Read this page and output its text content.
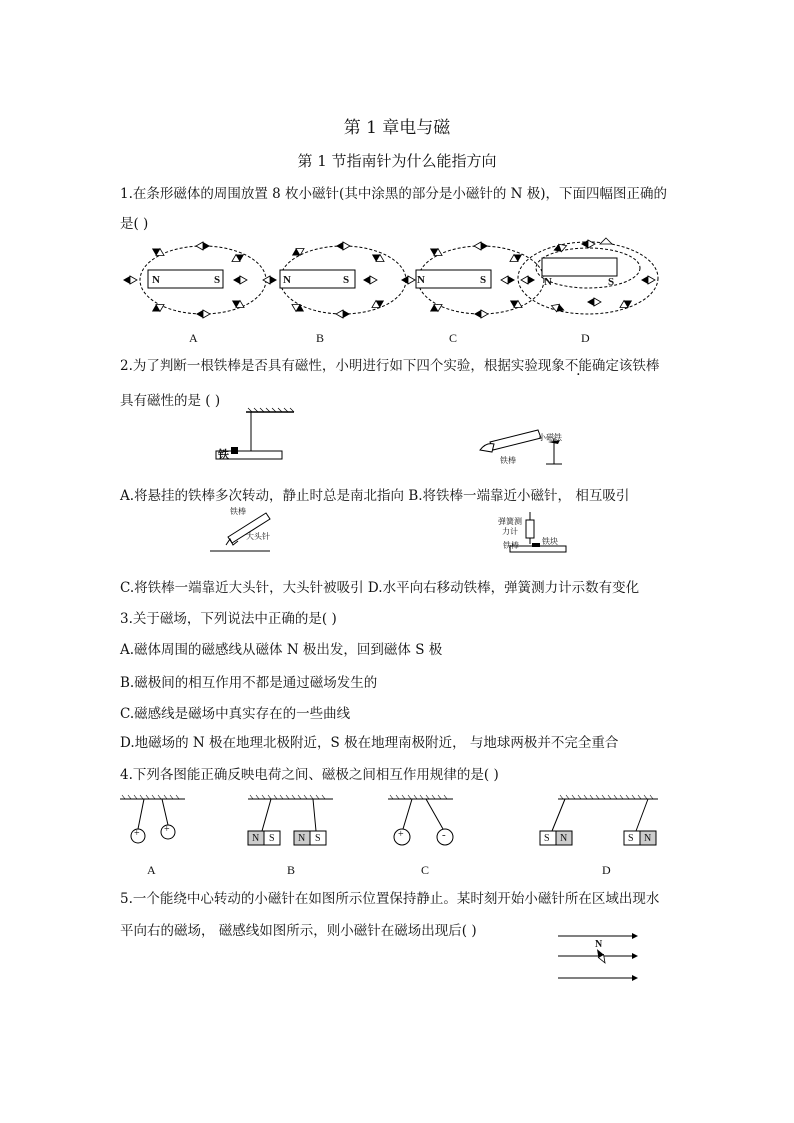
第 1 章电与磁
第 1 节指南针为什么能指方向
1.在条形磁体的周围放置 8 枚小磁针(其中涂黑的部分是小磁针的 N 极)，下面四幅图正确的
是( )
N	S	N	S	N	S	N	S
A	B	C	D
2.为了判断一根铁棒是否具有磁性，小明进行如下四个实验，根据实验现象不能确定该铁棒
具有磁性的是 ( )
铁
小磁铁
铁棒
A.将悬挂的铁棒多次转动，静止时总是南北指向 B.将铁棒一端靠近小磁针， 相互吸引
铁棒
大头针
弹簧测
力计
铁棒	铁块
C.将铁棒一端靠近大头针，大头针被吸引 D.水平向右移动铁棒，弹簧测力计示数有变化
3.关于磁场，下列说法中正确的是( )
A.磁体周围的磁感线从磁体 N 极出发，回到磁体 S 极
B.磁极间的相互作用不都是通过磁场发生的
C.磁感线是磁场中真实存在的一些曲线
D.地磁场的 N 极在地理北极附近，S 极在地理南极附近， 与地球两极并不完全重合
4.下列各图能正确反映电荷之间、磁极之间相互作用规律的是( )
+ +
N S N S	+	-	S N	S N
A	B	C	D
5.一个能绕中心转动的小磁针在如图所示位置保持静止。某时刻开始小磁针所在区域出现水
平向右的磁场， 磁感线如图所示，则小磁针在磁场出现后( )
N
